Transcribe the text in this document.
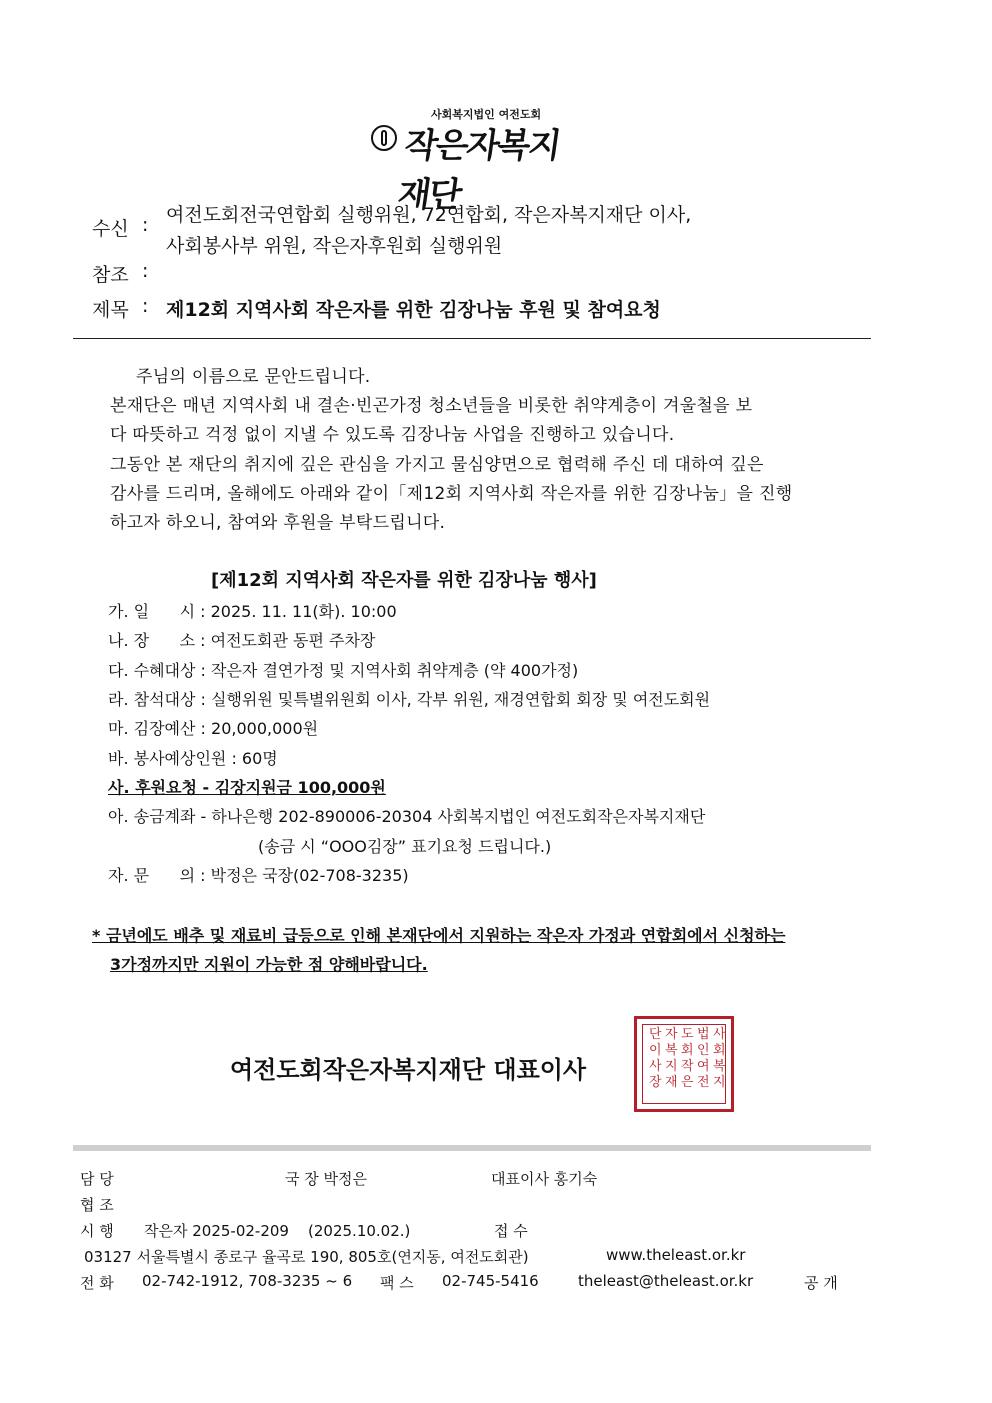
사회복지법인 여전도회
작은자복지재단
수신 : 여전도회전국연합회 실행위원, 72연합회, 작은자복지재단 이사,
사회봉사부 위원, 작은자후원회 실행위원
참조 :
제목 : 제12회 지역사회 작은자를 위한 김장나눔 후원 및 참여요청
주님의 이름으로 문안드립니다.
본재단은 매년 지역사회 내 결손·빈곤가정 청소년들을 비롯한 취약계층이 겨울철을 보
다 따뜻하고 걱정 없이 지낼 수 있도록 김장나눔 사업을 진행하고 있습니다.
그동안 본 재단의 취지에 깊은 관심을 가지고 물심양면으로 협력해 주신 데 대하여 깊은
감사를 드리며, 올해에도 아래와 같이「제12회 지역사회 작은자를 위한 김장나눔」을 진행
하고자 하오니, 참여와 후원을 부탁드립니다.
[제12회 지역사회 작은자를 위한 김장나눔 행사]
가. 일      시 : 2025. 11. 11(화). 10:00
나. 장      소 : 여전도회관 동편 주차장
다. 수혜대상 : 작은자 결연가정 및 지역사회 취약계층 (약 400가정)
라. 참석대상 : 실행위원 및특별위원회 이사, 각부 위원, 재경연합회 회장 및 여전도회원
마. 김장예산 : 20,000,000원
바. 봉사예상인원 : 60명
사. 후원요청 - 김장지원금 100,000원
아. 송금계좌 - 하나은행 202-890006-20304 사회복지법인 여전도회작은자복지재단
(송금 시 “OOO김장” 표기요청 드립니다.)
자. 문      의 : 박정은 국장(02-708-3235)
* 금년에도 배추 및 재료비 급등으로 인해 본재단에서 지원하는 작은자 가정과 연합회에서 신청하는
3가정까지만 지원이 가능한 점 양해바랍니다.
여전도회작은자복지재단 대표이사
사회복지
법인여전
도회작은
자복지재
단이사장
담 당	국 장 박정은	대표이사 홍기숙
협 조
시 행 작은자 2025-02-209    (2025.10.02.)	접 수
03127 서울특별시 종로구 율곡로 190, 805호(연지동, 여전도회관)	www.theleast.or.kr
전 화 02-742-1912, 708-3235 ~ 6 팩 스 02-745-5416	theleast@theleast.or.kr	공 개
